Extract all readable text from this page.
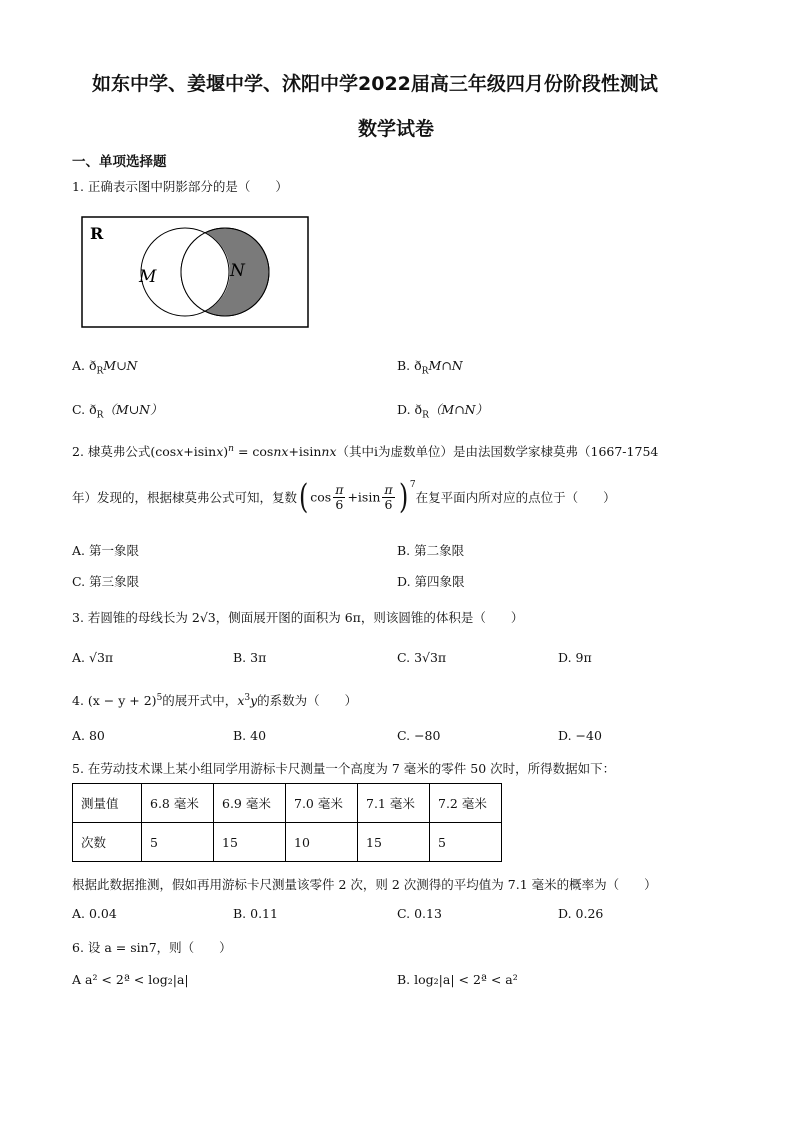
如东中学、姜堰中学、沭阳中学2022届高三年级四月份阶段性测试
数学试卷
一、单项选择题
1. 正确表示图中阴影部分的是（　　）
R
M	N
A. $ð_RM\cup N$	B. $ð_RM\cap N$
C. $ð_R(M\cup N)$	D. $ð_R(M\cap N)$
2. 棣莫弗公式$(\cos x+isinx)^n$ = cosnx+isinnx（其中i为虚数单位）是由法国数学家棣莫弗（1667-1754
年）发现的，根据棣莫弗公式可知，复数( $\cos \frac{\pi}{6} +isin \frac{\pi}{6}$ ) $^7$在复平面内所对应的点位于（　　）
A. 第一象限	B. 第二象限
C. 第三象限	D. 第四象限
3. 若圆锥的母线长为 2√3，侧面展开图的面积为 6π，则该圆锥的体积是（　　）
A. √3π	B. 3π	C. 3√3π	D. 9π
4. $(x - y + 2)^5$的展开式中，$x^3y$的系数为（　　）
A. 80	B. 40	C. −80	D. −40
5. 在劳动技术课上某小组同学用游标卡尺测量一个高度为 7 毫米的零件 50 次时，所得数据如下：
测量值	6.8 毫米	6.9 毫米	7.0 毫米	7.1 毫米	7.2 毫米
次数	5	15	10	15	5
根据此数据推测，假如再用游标卡尺测量该零件 2 次，则 2 次测得的平均值为 7.1 毫米的概率为（　　）
A. 0.04	B. 0.11	C. 0.13	D. 0.26
6. 设 a = sin7，则（　　）
A a² < 2ª < log₂|a|	B. log₂|a| < 2ª < a²
